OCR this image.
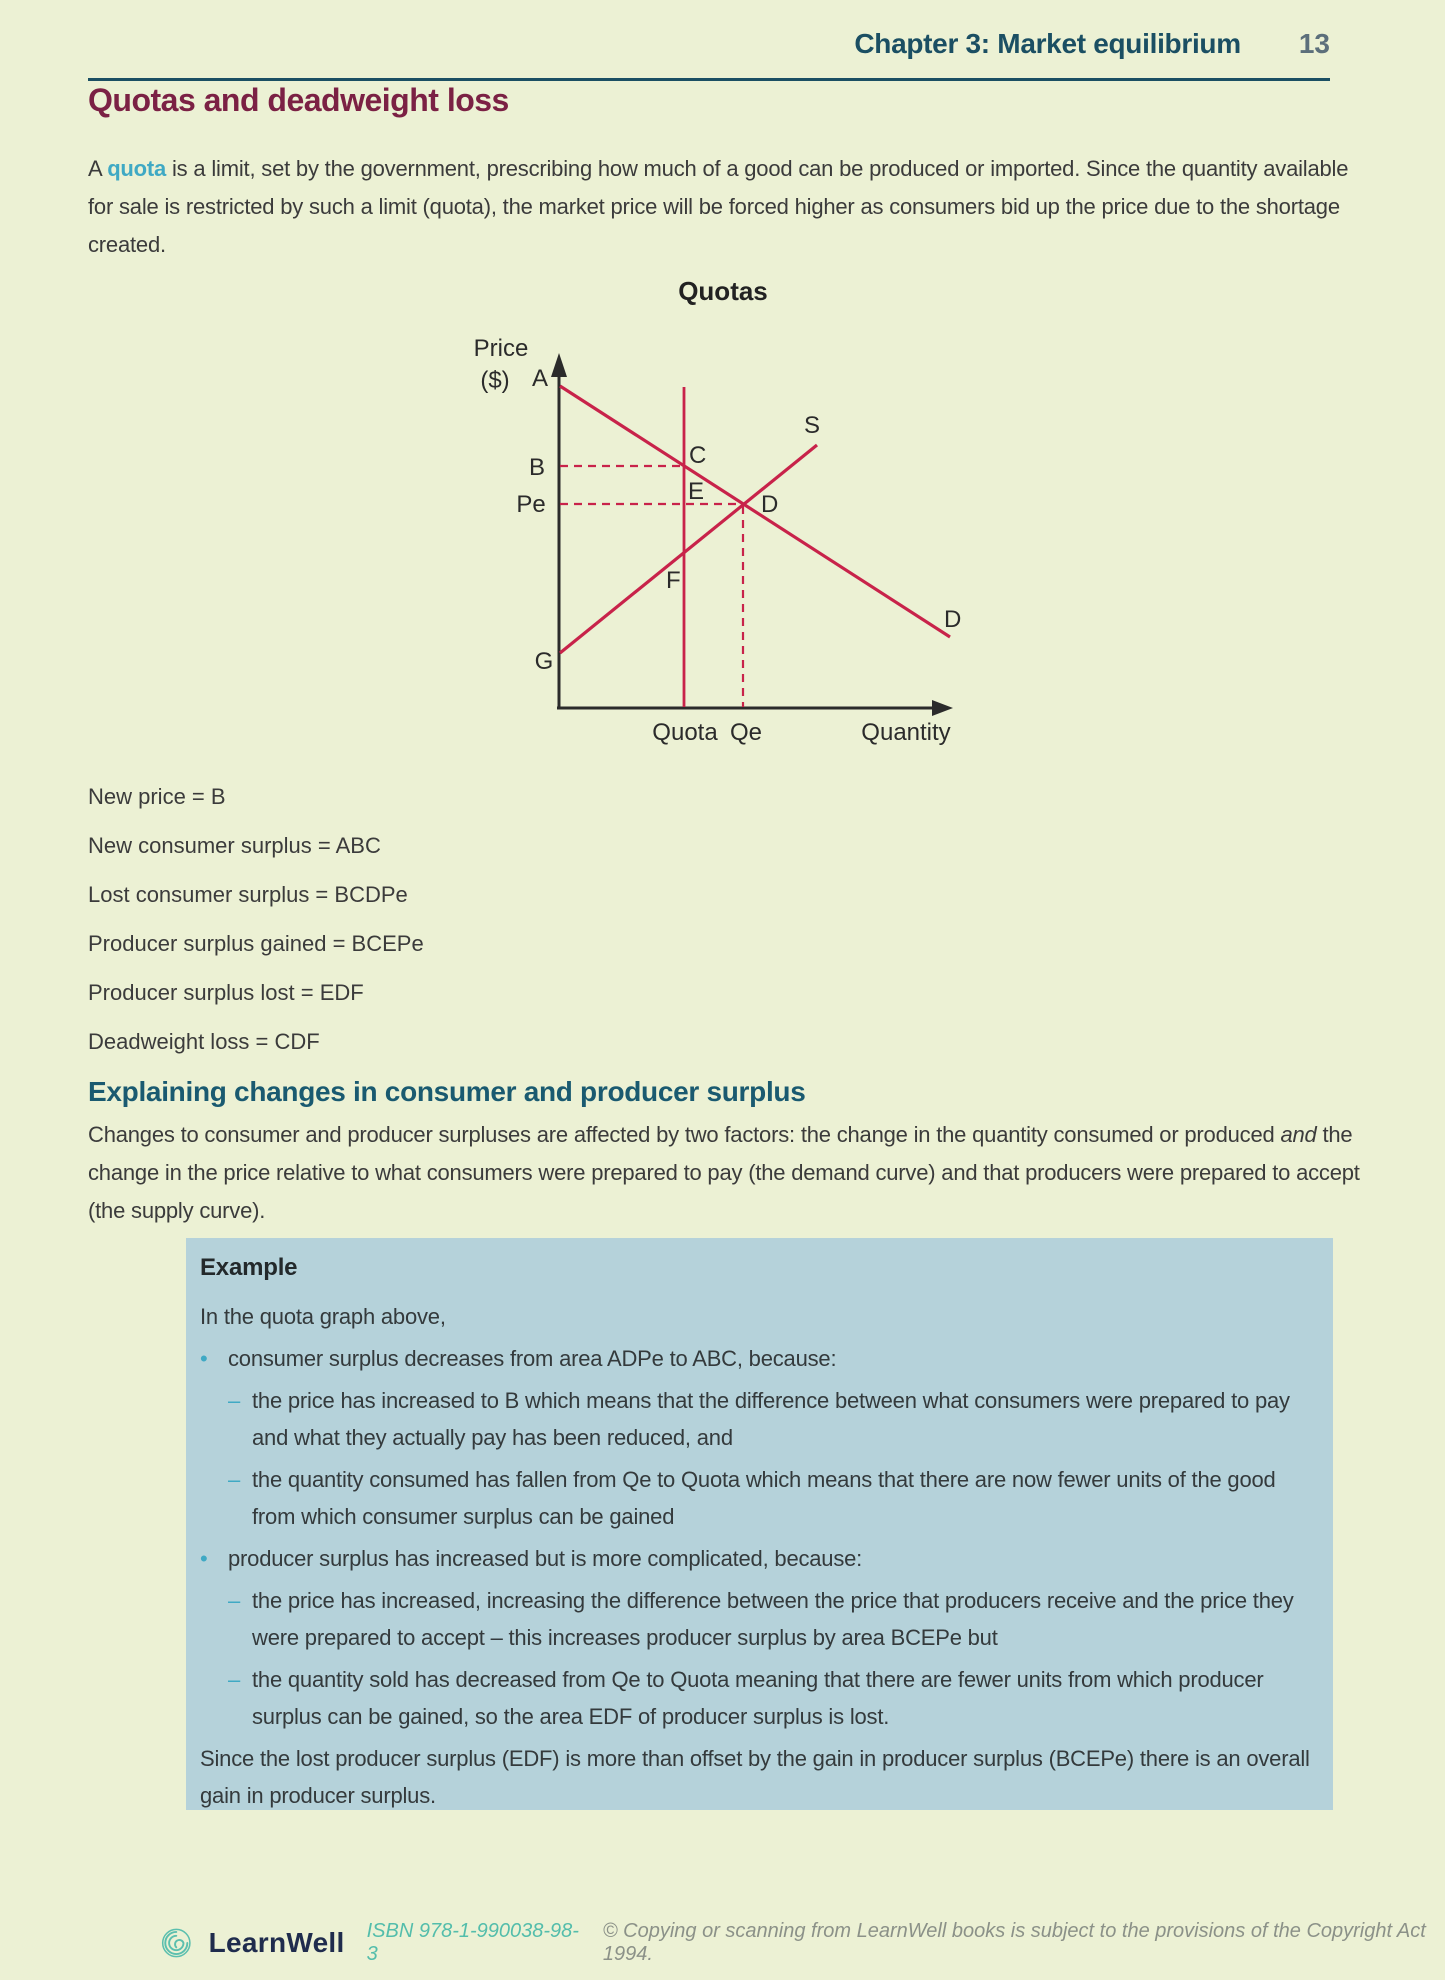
Chapter 3: Market equilibrium 13
Quotas and deadweight loss
A quota is a limit, set by the government, prescribing how much of a good can be produced or imported. Since the quantity available for sale is restricted by such a limit (quota), the market price will be forced higher as consumers bid up the price due to the shortage created.
Quotas
Price
($)
Quantity
A
B
Pe
G
C
E D
F
S
D
Quota Qe
New price = B
New consumer surplus = ABC
Lost consumer surplus = BCDPe
Producer surplus gained = BCEPe
Producer surplus lost = EDF
Deadweight loss = CDF
Explaining changes in consumer and producer surplus
Changes to consumer and producer surpluses are affected by two factors: the change in the quantity consumed or produced and the change in the price relative to what consumers were prepared to pay (the demand curve) and that producers were prepared to accept (the supply curve).
Example
In the quota graph above,
• consumer surplus decreases from area ADPe to ABC, because:
– the price has increased to B which means that the difference between what consumers were prepared to pay and what they actually pay has been reduced, and
– the quantity consumed has fallen from Qe to Quota which means that there are now fewer units of the good from which consumer surplus can be gained
• producer surplus has increased but is more complicated, because:
– the price has increased, increasing the difference between the price that producers receive and the price they were prepared to accept – this increases producer surplus by area BCEPe but
– the quantity sold has decreased from Qe to Quota meaning that there are fewer units from which producer surplus can be gained, so the area EDF of producer surplus is lost.
Since the lost producer surplus (EDF) is more than offset by the gain in producer surplus (BCEPe) there is an overall gain in producer surplus.
LearnWell ISBN 978-1-990038-98-3
© Copying or scanning from LearnWell books is subject to the provisions of the Copyright Act 1994.
